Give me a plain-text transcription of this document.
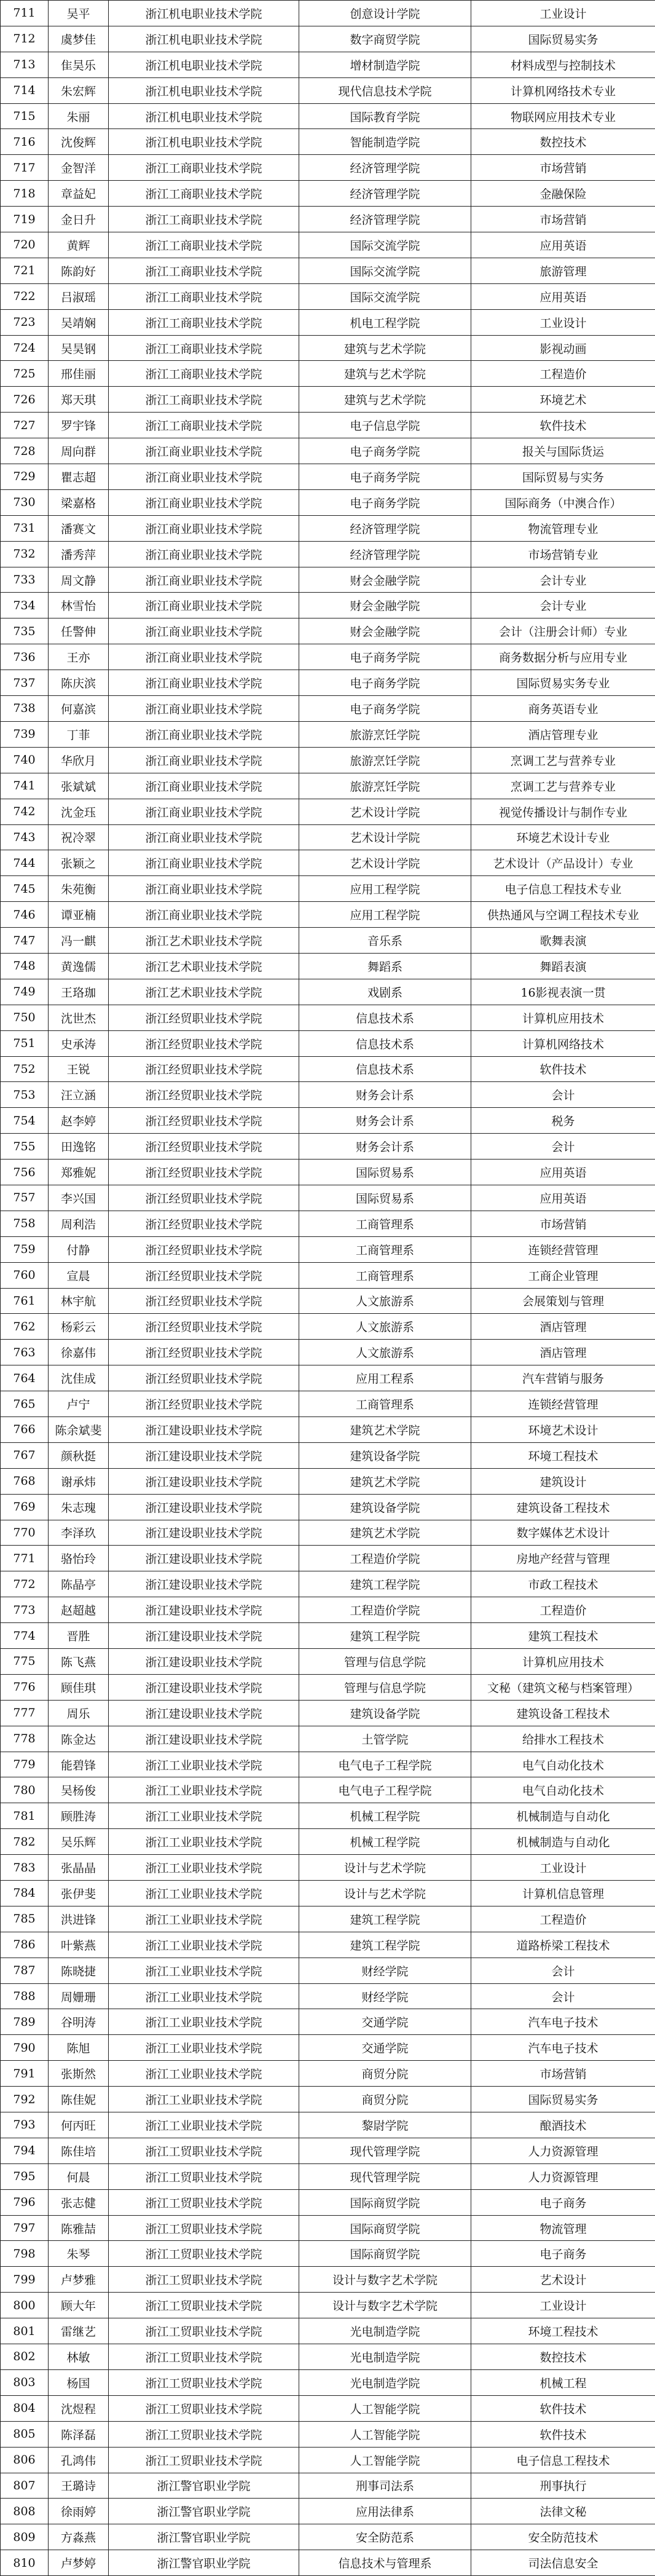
711	吴平	浙江机电职业技术学院	创意设计学院	工业设计
712	虞梦佳	浙江机电职业技术学院	数字商贸学院	国际贸易实务
713	隹昊乐	浙江机电职业技术学院	增材制造学院	材料成型与控制技术
714	朱宏辉	浙江机电职业技术学院	现代信息技术学院	计算机网络技术专业
715	朱丽	浙江机电职业技术学院	国际教育学院	物联网应用技术专业
716	沈俊辉	浙江机电职业技术学院	智能制造学院	数控技术
717	金智洋	浙江工商职业技术学院	经济管理学院	市场营销
718	章益妃	浙江工商职业技术学院	经济管理学院	金融保险
719	金日升	浙江工商职业技术学院	经济管理学院	市场营销
720	黄辉	浙江工商职业技术学院	国际交流学院	应用英语
721	陈韵好	浙江工商职业技术学院	国际交流学院	旅游管理
722	吕淑瑶	浙江工商职业技术学院	国际交流学院	应用英语
723	吴靖娴	浙江工商职业技术学院	机电工程学院	工业设计
724	吴昊钢	浙江工商职业技术学院	建筑与艺术学院	影视动画
725	邢佳丽	浙江工商职业技术学院	建筑与艺术学院	工程造价
726	郑天琪	浙江工商职业技术学院	建筑与艺术学院	环境艺术
727	罗宇锋	浙江工商职业技术学院	电子信息学院	软件技术
728	周向群	浙江商业职业技术学院	电子商务学院	报关与国际货运
729	瞿志超	浙江商业职业技术学院	电子商务学院	国际贸易与实务
730	梁嘉格	浙江商业职业技术学院	电子商务学院	国际商务（中澳合作）
731	潘赛文	浙江商业职业技术学院	经济管理学院	物流管理专业
732	潘秀萍	浙江商业职业技术学院	经济管理学院	市场营销专业
733	周文静	浙江商业职业技术学院	财会金融学院	会计专业
734	林雪怡	浙江商业职业技术学院	财会金融学院	会计专业
735	任警伸	浙江商业职业技术学院	财会金融学院	会计（注册会计师）专业
736	王亦	浙江商业职业技术学院	电子商务学院	商务数据分析与应用专业
737	陈庆滨	浙江商业职业技术学院	电子商务学院	国际贸易实务专业
738	何嘉滨	浙江商业职业技术学院	电子商务学院	商务英语专业
739	丁菲	浙江商业职业技术学院	旅游烹饪学院	酒店管理专业
740	华欣月	浙江商业职业技术学院	旅游烹饪学院	烹调工艺与营养专业
741	张斌斌	浙江商业职业技术学院	旅游烹饪学院	烹调工艺与营养专业
742	沈金珏	浙江商业职业技术学院	艺术设计学院	视觉传播设计与制作专业
743	祝冷翠	浙江商业职业技术学院	艺术设计学院	环境艺术设计专业
744	张颖之	浙江商业职业技术学院	艺术设计学院	艺术设计（产品设计）专业
745	朱苑衡	浙江商业职业技术学院	应用工程学院	电子信息工程技术专业
746	谭亚楠	浙江商业职业技术学院	应用工程学院	供热通风与空调工程技术专业
747	冯一麒	浙江艺术职业技术学院	音乐系	歌舞表演
748	黄逸儒	浙江艺术职业技术学院	舞蹈系	舞蹈表演
749	王珞珈	浙江艺术职业技术学院	戏剧系	16影视表演一贯
750	沈世杰	浙江经贸职业技术学院	信息技术系	计算机应用技术
751	史承涛	浙江经贸职业技术学院	信息技术系	计算机网络技术
752	王锐	浙江经贸职业技术学院	信息技术系	软件技术
753	汪立涵	浙江经贸职业技术学院	财务会计系	会计
754	赵李婷	浙江经贸职业技术学院	财务会计系	税务
755	田逸铭	浙江经贸职业技术学院	财务会计系	会计
756	郑雅妮	浙江经贸职业技术学院	国际贸易系	应用英语
757	李兴国	浙江经贸职业技术学院	国际贸易系	应用英语
758	周利浩	浙江经贸职业技术学院	工商管理系	市场营销
759	付静	浙江经贸职业技术学院	工商管理系	连锁经营管理
760	宣晨	浙江经贸职业技术学院	工商管理系	工商企业管理
761	林宇航	浙江经贸职业技术学院	人文旅游系	会展策划与管理
762	杨彩云	浙江经贸职业技术学院	人文旅游系	酒店管理
763	徐嘉伟	浙江经贸职业技术学院	人文旅游系	酒店管理
764	沈佳成	浙江经贸职业技术学院	应用工程系	汽车营销与服务
765	卢宁	浙江经贸职业技术学院	工商管理系	连锁经营管理
766	陈余斌斐	浙江建设职业技术学院	建筑艺术学院	环境艺术设计
767	颜秋挺	浙江建设职业技术学院	建筑设备学院	环境工程技术
768	谢承炜	浙江建设职业技术学院	建筑艺术学院	建筑设计
769	朱志瑰	浙江建设职业技术学院	建筑设备学院	建筑设备工程技术
770	李泽玖	浙江建设职业技术学院	建筑艺术学院	数字媒体艺术设计
771	骆怡玲	浙江建设职业技术学院	工程造价学院	房地产经营与管理
772	陈晶亭	浙江建设职业技术学院	建筑工程学院	市政工程技术
773	赵超越	浙江建设职业技术学院	工程造价学院	工程造价
774	晋胜	浙江建设职业技术学院	建筑工程学院	建筑工程技术
775	陈飞燕	浙江建设职业技术学院	管理与信息学院	计算机应用技术
776	顾佳琪	浙江建设职业技术学院	管理与信息学院	文秘（建筑文秘与档案管理）
777	周乐	浙江建设职业技术学院	建筑设备学院	建筑设备工程技术
778	陈金达	浙江建设职业技术学院	土管学院	给排水工程技术
779	能碧锋	浙江工业职业技术学院	电气电子工程学院	电气自动化技术
780	吴杨俊	浙江工业职业技术学院	电气电子工程学院	电气自动化技术
781	顾胜涛	浙江工业职业技术学院	机械工程学院	机械制造与自动化
782	吴乐辉	浙江工业职业技术学院	机械工程学院	机械制造与自动化
783	张晶晶	浙江工业职业技术学院	设计与艺术学院	工业设计
784	张伊斐	浙江工业职业技术学院	设计与艺术学院	计算机信息管理
785	洪进锋	浙江工业职业技术学院	建筑工程学院	工程造价
786	叶紫燕	浙江工业职业技术学院	建筑工程学院	道路桥梁工程技术
787	陈晓捷	浙江工业职业技术学院	财经学院	会计
788	周姗珊	浙江工业职业技术学院	财经学院	会计
789	谷明涛	浙江工业职业技术学院	交通学院	汽车电子技术
790	陈旭	浙江工业职业技术学院	交通学院	汽车电子技术
791	张斯然	浙江工业职业技术学院	商贸分院	市场营销
792	陈佳妮	浙江工业职业技术学院	商贸分院	国际贸易实务
793	何丙旺	浙江工业职业技术学院	黎尉学院	酿酒技术
794	陈佳培	浙江工贸职业技术学院	现代管理学院	人力资源管理
795	何晨	浙江工贸职业技术学院	现代管理学院	人力资源管理
796	张志健	浙江工贸职业技术学院	国际商贸学院	电子商务
797	陈雅喆	浙江工贸职业技术学院	国际商贸学院	物流管理
798	朱琴	浙江工贸职业技术学院	国际商贸学院	电子商务
799	卢梦雅	浙江工贸职业技术学院	设计与数字艺术学院	艺术设计
800	顾大年	浙江工贸职业技术学院	设计与数字艺术学院	工业设计
801	雷继艺	浙江工贸职业技术学院	光电制造学院	环境工程技术
802	林敏	浙江工贸职业技术学院	光电制造学院	数控技术
803	杨国	浙江工贸职业技术学院	光电制造学院	机械工程
804	沈煜程	浙江工贸职业技术学院	人工智能学院	软件技术
805	陈泽磊	浙江工贸职业技术学院	人工智能学院	软件技术
806	孔鸿伟	浙江工贸职业技术学院	人工智能学院	电子信息工程技术
807	王璐诗	浙江警官职业学院	刑事司法系	刑事执行
808	徐雨婷	浙江警官职业学院	应用法律系	法律文秘
809	方淼燕	浙江警官职业学院	安全防范系	安全防范技术
810	卢梦婷	浙江警官职业学院	信息技术与管理系	司法信息安全
